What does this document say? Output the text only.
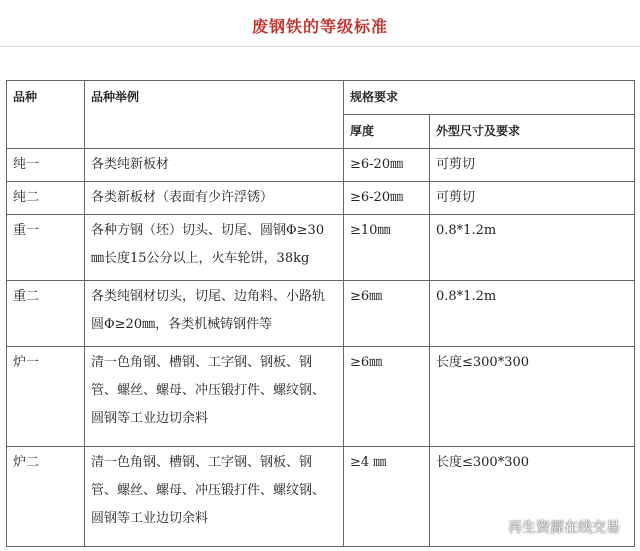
废钢铁的等级标准
品种	品种举例	规格要求	
		厚度	外型尺寸及要求
纯一	各类纯新板材	≥6-20㎜	可剪切
纯二	各类新板材（表面有少许浮锈）	≥6-20㎜	可剪切
重一	各种方钢（坯）切头、切尾、圆钢Φ≥30㎜长度15公分以上，火车轮饼，38kg	≥10㎜	0.8*1.2m
重二	各类纯钢材切头，切尾、边角料、小路轨圆Φ≥20㎜，各类机械铸钢件等	≥6㎜	0.8*1.2m
炉一	清一色角钢、槽钢、工字钢、钢板、钢管、螺丝、螺母、冲压锻打件、螺纹钢、圆钢等工业边切余料	≥6㎜	长度≤300*300
炉二	清一色角钢、槽钢、工字钢、钢板、钢管、螺丝、螺母、冲压锻打件、螺纹钢、圆钢等工业边切余料	≥4 ㎜	长度≤300*300
再生资源在线交易
